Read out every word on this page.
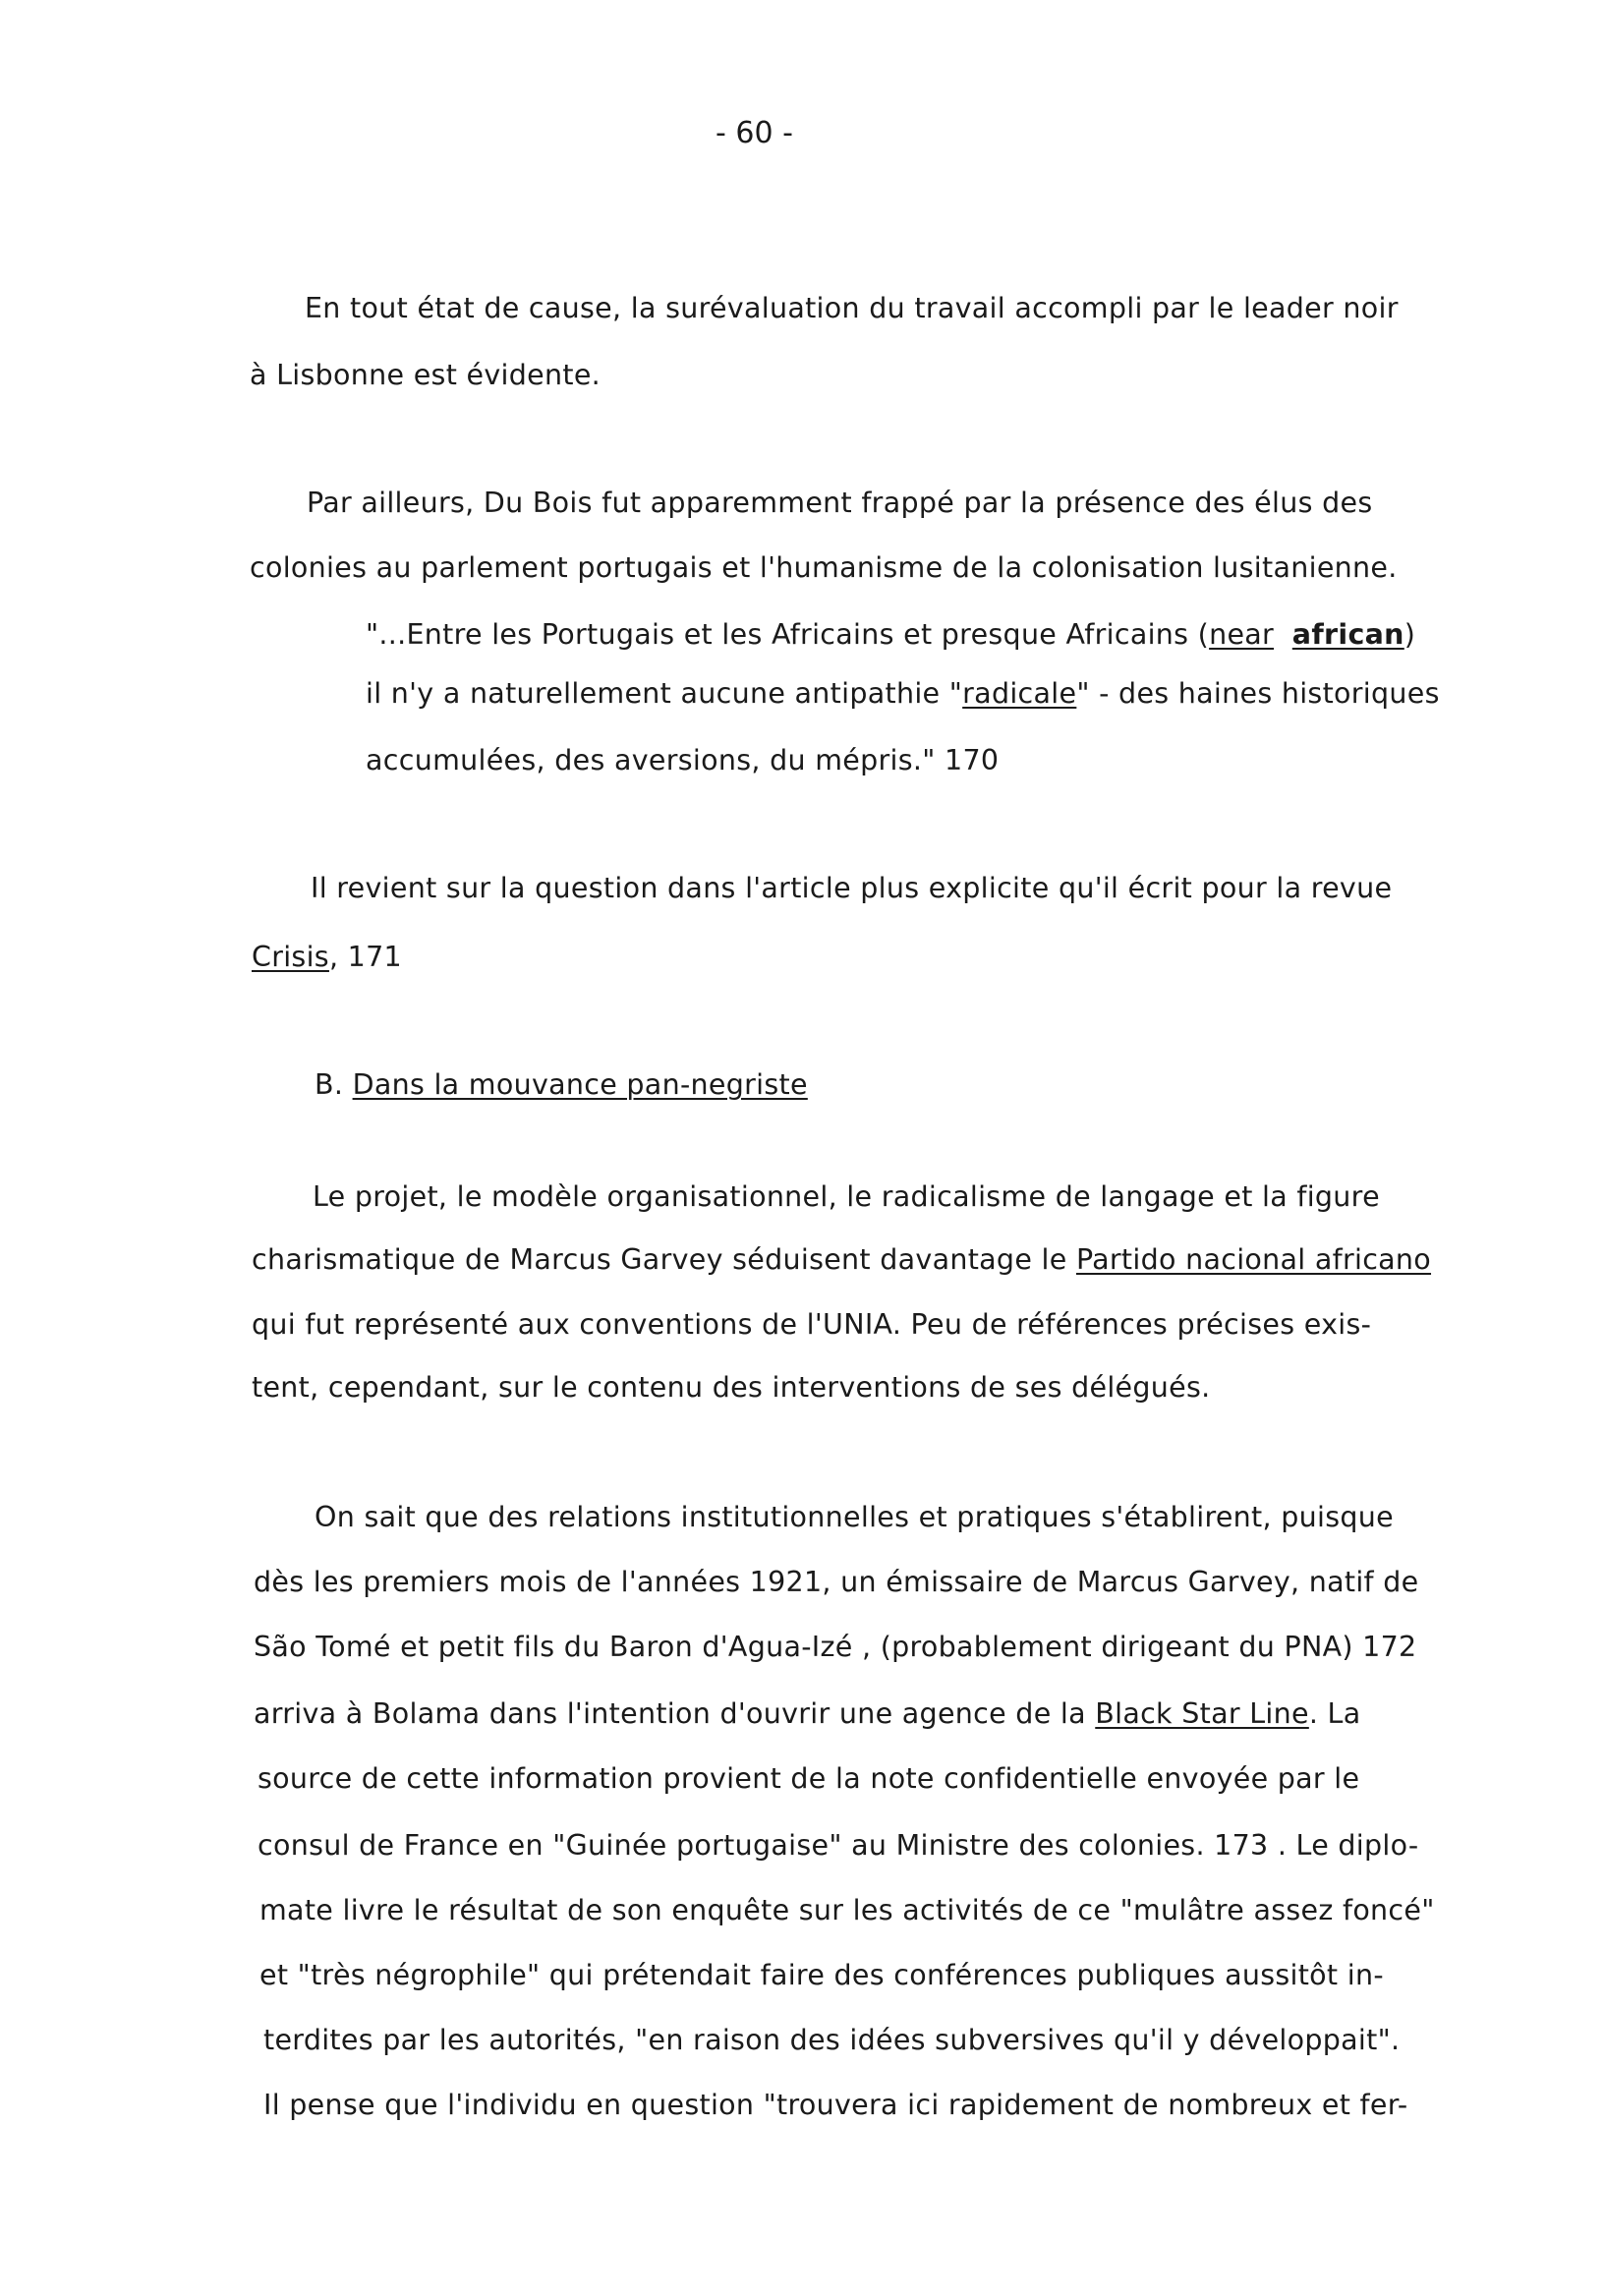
- 60 -
En tout état de cause, la surévaluation du travail accompli par le leader noir
à Lisbonne est évidente.
Par ailleurs, Du Bois fut apparemment frappé par la présence des élus des
colonies au parlement portugais et l'humanisme de la colonisation lusitanienne.
"...Entre les Portugais et les Africains et presque Africains (near african)
il n'y a naturellement aucune antipathie "radicale" - des haines historiques
accumulées, des aversions, du mépris." 170
Il revient sur la question dans l'article plus explicite qu'il écrit pour la revue
Crisis, 171
B. Dans la mouvance pan-negriste
Le projet, le modèle organisationnel, le radicalisme de langage et la figure
charismatique de Marcus Garvey séduisent davantage le Partido nacional africano
qui fut représenté aux conventions de l'UNIA. Peu de références précises exis-
tent, cependant, sur le contenu des interventions de ses délégués.
On sait que des relations institutionnelles et pratiques s'établirent, puisque
dès les premiers mois de l'années 1921, un émissaire de Marcus Garvey, natif de
São Tomé et petit fils du Baron d'Agua-Izé , (probablement dirigeant du PNA) 172
arriva à Bolama dans l'intention d'ouvrir une agence de la Black Star Line. La
source de cette information provient de la note confidentielle envoyée par le
consul de France en "Guinée portugaise" au Ministre des colonies. 173 . Le diplo-
mate livre le résultat de son enquête sur les activités de ce "mulâtre assez foncé"
et "très négrophile" qui prétendait faire des conférences publiques aussitôt in-
terdites par les autorités, "en raison des idées subversives qu'il y développait".
Il pense que l'individu en question "trouvera ici rapidement de nombreux et fer-
